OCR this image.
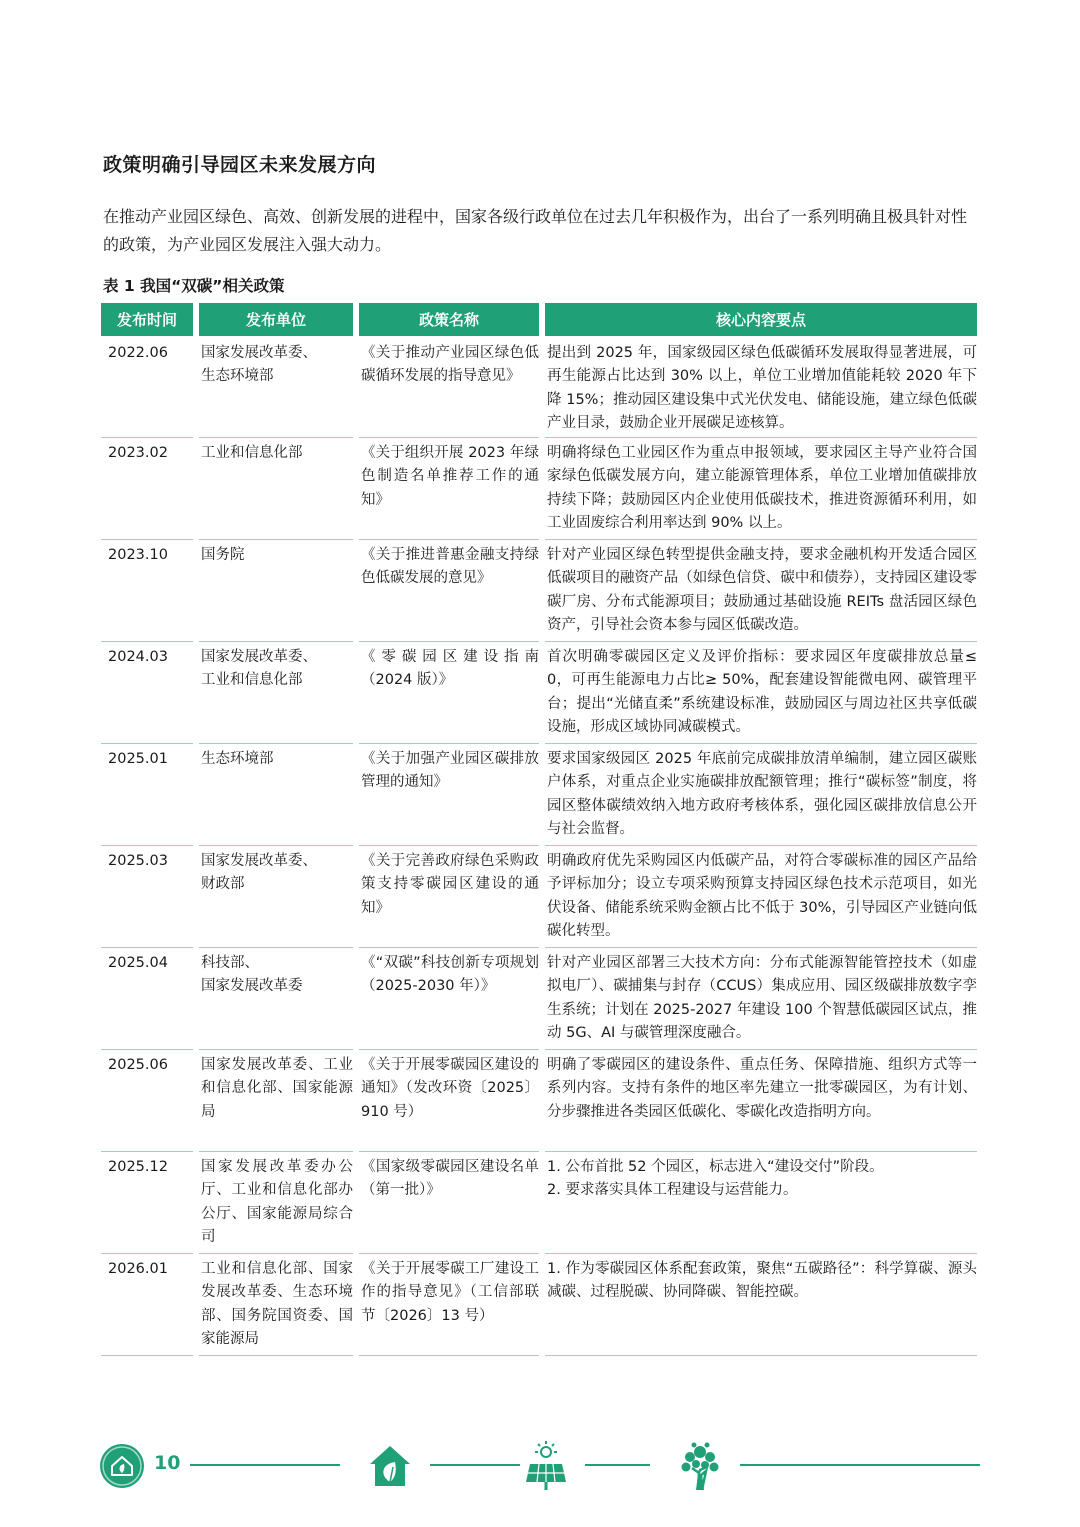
政策明确引导园区未来发展方向
在推动产业园区绿色、高效、创新发展的进程中，国家各级行政单位在过去几年积极作为，出台了一系列明确且极具针对性的政策，为产业园区发展注入强大动力。
表 1 我国“双碳”相关政策
发布时间	发布单位	政策名称	核心内容要点
2022.06	国家发展改革委、
生态环境部	《关于推动产业园区绿色低碳循环发展的指导意见》	提出到 2025 年，国家级园区绿色低碳循环发展取得显著进展，可再生能源占比达到 30% 以上，单位工业增加值能耗较 2020 年下降 15%；推动园区建设集中式光伏发电、储能设施，建立绿色低碳产业目录，鼓励企业开展碳足迹核算。
2023.02	工业和信息化部	《关于组织开展 2023 年绿色制造名单推荐工作的通知》	明确将绿色工业园区作为重点申报领域，要求园区主导产业符合国家绿色低碳发展方向，建立能源管理体系，单位工业增加值碳排放持续下降；鼓励园区内企业使用低碳技术，推进资源循环利用，如工业固废综合利用率达到 90% 以上。
2023.10	国务院	《关于推进普惠金融支持绿色低碳发展的意见》	针对产业园区绿色转型提供金融支持，要求金融机构开发适合园区低碳项目的融资产品（如绿色信贷、碳中和债券），支持园区建设零碳厂房、分布式能源项目；鼓励通过基础设施 REITs 盘活园区绿色资产，引导社会资本参与园区低碳改造。
2024.03	国家发展改革委、
工业和信息化部	《零碳园区建设指南（2024 版）》	首次明确零碳园区定义及评价指标：要求园区年度碳排放总量≤ 0，可再生能源电力占比≥ 50%，配套建设智能微电网、碳管理平台；提出“光储直柔”系统建设标准，鼓励园区与周边社区共享低碳设施，形成区域协同减碳模式。
2025.01	生态环境部	《关于加强产业园区碳排放管理的通知》	要求国家级园区 2025 年底前完成碳排放清单编制，建立园区碳账户体系，对重点企业实施碳排放配额管理；推行“碳标签”制度，将园区整体碳绩效纳入地方政府考核体系，强化园区碳排放信息公开与社会监督。
2025.03	国家发展改革委、
财政部	《关于完善政府绿色采购政策支持零碳园区建设的通知》	明确政府优先采购园区内低碳产品，对符合零碳标准的园区产品给予评标加分；设立专项采购预算支持园区绿色技术示范项目，如光伏设备、储能系统采购金额占比不低于 30%，引导园区产业链向低碳化转型。
2025.04	科技部、
国家发展改革委	《“双碳”科技创新专项规划（2025-2030 年）》	针对产业园区部署三大技术方向：分布式能源智能管控技术（如虚拟电厂）、碳捕集与封存（CCUS）集成应用、园区级碳排放数字孪生系统；计划在 2025-2027 年建设 100 个智慧低碳园区试点，推动 5G、AI 与碳管理深度融合。
2025.06	国家发展改革委、工业和信息化部、国家能源局	《关于开展零碳园区建设的通知》（发改环资〔2025〕910 号）	明确了零碳园区的建设条件、重点任务、保障措施、组织方式等一系列内容。支持有条件的地区率先建立一批零碳园区，为有计划、分步骤推进各类园区低碳化、零碳化改造指明方向。
2025.12	国家发展改革委办公厅、工业和信息化部办公厅、国家能源局综合司	《国家级零碳园区建设名单（第一批）》	1. 公布首批 52 个园区，标志进入“建设交付”阶段。
2. 要求落实具体工程建设与运营能力。
2026.01	工业和信息化部、国家发展改革委、生态环境部、国务院国资委、国家能源局	《关于开展零碳工厂建设工作的指导意见》（工信部联节〔2026〕13 号）	1. 作为零碳园区体系配套政策，聚焦“五碳路径”：科学算碳、源头减碳、过程脱碳、协同降碳、智能控碳。
10
